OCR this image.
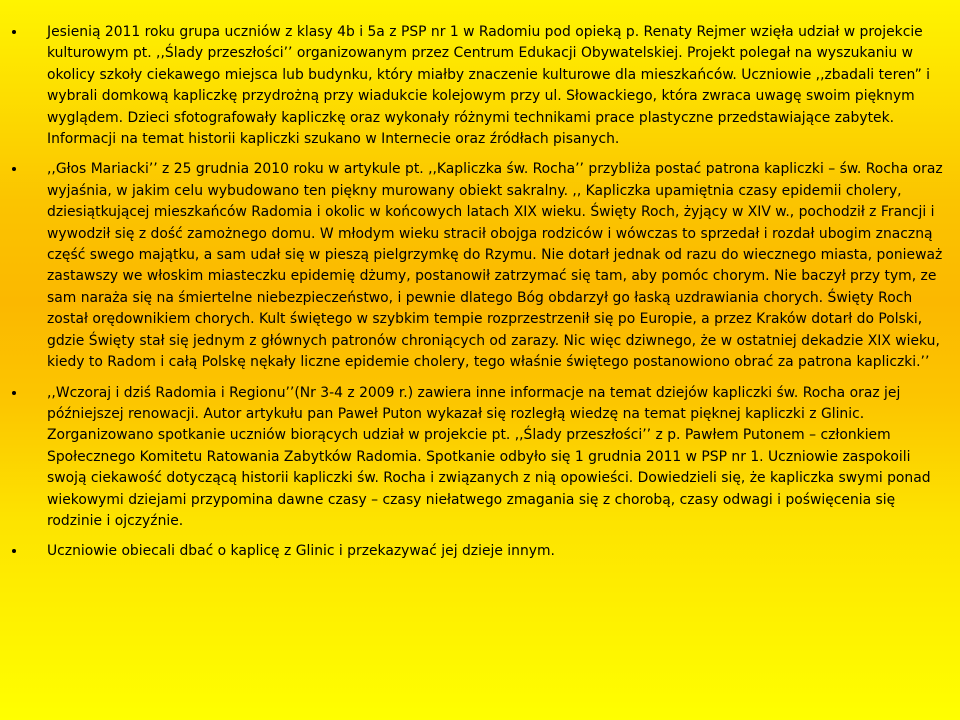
Jesienią 2011 roku grupa uczniów z klasy 4b i 5a z PSP nr 1 w Radomiu pod opieką p. Renaty Rejmer wzięła udział w projekcie kulturowym pt. ,,Ślady przeszłości’’ organizowanym przez Centrum Edukacji Obywatelskiej. Projekt polegał na wyszukaniu w okolicy szkoły ciekawego miejsca lub budynku, który miałby znaczenie kulturowe dla mieszkańców. Uczniowie ,,zbadali teren” i wybrali domkową kapliczkę przydrożną przy wiadukcie kolejowym przy ul. Słowackiego, która zwraca uwagę swoim pięknym wyglądem. Dzieci sfotografowały kapliczkę oraz wykonały różnymi technikami prace plastyczne przedstawiające zabytek. Informacji na temat historii kapliczki szukano w Internecie oraz źródłach pisanych.
,,Głos Mariacki’’ z 25 grudnia 2010 roku w artykule pt. ,,Kapliczka św. Rocha’’ przybliża postać patrona kapliczki – św. Rocha oraz wyjaśnia, w jakim celu wybudowano ten piękny murowany obiekt sakralny. ,, Kapliczka upamiętnia czasy epidemii cholery, dziesiątkującej mieszkańców Radomia i okolic w końcowych latach XIX wieku. Święty Roch, żyjący w XIV w., pochodził z Francji i wywodził się z dość zamożnego domu. W młodym wieku stracił obojga rodziców i wówczas to sprzedał i rozdał ubogim znaczną część swego majątku, a sam udał się w pieszą pielgrzymkę do Rzymu. Nie dotarł jednak od razu do wiecznego miasta, ponieważ zastawszy we włoskim miasteczku epidemię dżumy, postanowił zatrzymać się tam, aby pomóc chorym. Nie baczył przy tym, ze sam naraża się na śmiertelne niebezpieczeństwo, i pewnie dlatego Bóg obdarzył go łaską uzdrawiania chorych. Święty Roch został orędownikiem chorych. Kult świętego w szybkim tempie rozprzestrzenił się po Europie, a przez Kraków dotarł do Polski, gdzie Święty stał się jednym z głównych patronów chroniących od zarazy. Nic więc dziwnego, że w ostatniej dekadzie XIX wieku, kiedy to Radom i całą Polskę nękały liczne epidemie cholery, tego właśnie świętego postanowiono obrać za patrona kapliczki.’’
,,Wczoraj i dziś Radomia i Regionu’’(Nr 3-4 z 2009 r.) zawiera inne informacje na temat dziejów kapliczki św. Rocha oraz jej późniejszej renowacji. Autor artykułu pan Paweł Puton wykazał się rozległą wiedzę na temat pięknej kapliczki z Glinic. Zorganizowano spotkanie uczniów biorących udział w projekcie pt. ,,Ślady przeszłości’’ z p. Pawłem Putonem – członkiem Społecznego Komitetu Ratowania Zabytków Radomia. Spotkanie odbyło się 1 grudnia 2011 w PSP nr 1. Uczniowie zaspokoili swoją ciekawość dotyczącą historii kapliczki św. Rocha i związanych z nią opowieści. Dowiedzieli się, że kapliczka swymi ponad wiekowymi dziejami przypomina dawne czasy – czasy niełatwego zmagania się z chorobą, czasy odwagi i poświęcenia się rodzinie i ojczyźnie.
Uczniowie obiecali dbać o kaplicę z Glinic i przekazywać jej dzieje innym.
